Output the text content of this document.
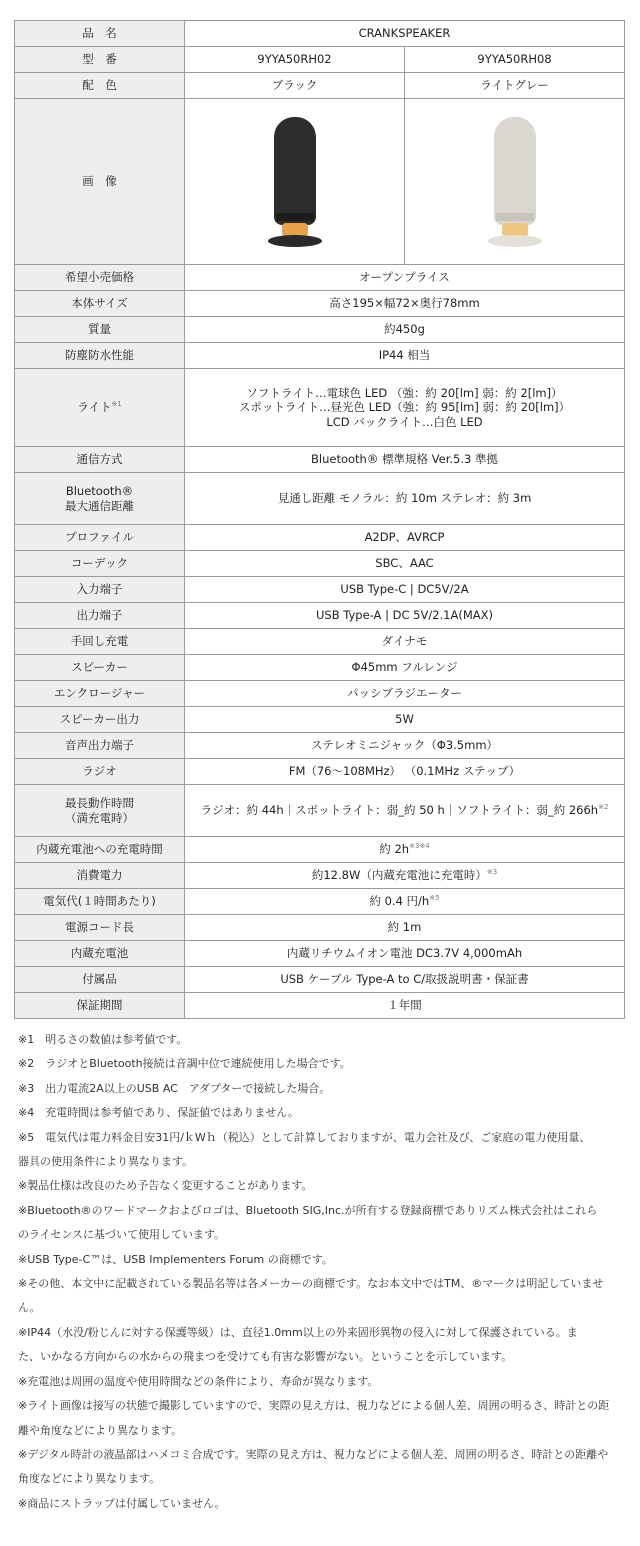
品　名	CRANKSPEAKER	
型　番	9YYA50RH02	9YYA50RH08
配　色	ブラック	ライトグレー
画　像	

希望小売価格	オープンプライス	
本体サイズ	高さ195×幅72×奥行78mm	
質量	約450g	
防塵防水性能	IP44 相当	
ライト$^{※1}$	ソフトライト…電球色 LED （強：約 20[lm] 弱：約 2[lm]）
スポットライト…昼光色 LED（強：約 95[lm] 弱：約 20[lm]）
LCD バックライト…白色 LED	

通信方式	Bluetooth® 標準規格 Ver.5.3 準拠	

Bluetooth®
最大通信距離	見通し距離 モノラル：約 10m ステレオ：約 3m	
プロファイル	A2DP、AVRCP	
コーデック	SBC、AAC	
入力端子	USB Type-C | DC5V/2A	
出力端子	USB Type-A | DC 5V/2.1A(MAX)	
手回し充電	ダイナモ	
スピーカー	Φ45mm フルレンジ	
エンクロージャー	パッシブラジエーター	
スピーカー出力	5W	
音声出力端子	ステレオミニジャック（Φ3.5mm）	
ラジオ	FM（76～108MHz） （0.1MHz ステップ）	

最長動作時間
（満充電時）	ラジオ：約 44h｜スポットライト：弱_約 50 h｜ソフトライト：弱_約 $266h^{※2}$
内蔵充電池への充電時間	約 $2h^{※3※4}$
消費電力	約12.8W（内蔵充電池に充電時）$^{※3}$
電気代(１時間あたり)	約 0.4 円$/h^{※5}$
電源コード長	約 1m	
内蔵充電池	内蔵リチウムイオン電池 DC3.7V 4,000mAh	
付属品	USB ケーブル Type-A to C/取扱説明書・保証書	
保証期間	１年間	
※1　明るさの数値は参考値です。
※2　ラジオとBluetooth接続は音調中位で連続使用した場合です。
※3　出力電流2A以上のUSB AC　アダプターで接続した場合。
※4　充電時間は参考値であり、保証値ではありません。
※5　電気代は電力料金目安31円/ｋWｈ（税込）として計算しておりますが、電力会社及び、ご家庭の電力使用量、
器具の使用条件により異なります。
※製品仕様は改良のため予告なく変更することがあります。
※Bluetooth®のワードマークおよびロゴは、Bluetooth SIG,Inc.が所有する登録商標でありリズム株式会社はこれら
のライセンスに基づいて使用しています。
※USB Type-C™は、USB Implementers Forum の商標です。
※その他、本文中に記載されている製品名等は各メーカーの商標です。なお本文中ではTM、®マークは明記していませ
ん。
※IP44（水没/粉じんに対する保護等級）は、直径1.0mm以上の外来固形異物の侵入に対して保護されている。ま
た、いかなる方向からの水からの飛まつを受けても有害な影響がない。ということを示しています。
※充電池は周囲の温度や使用時間などの条件により、寿命が異なります。
※ライト画像は接写の状態で撮影していますので、実際の見え方は、視力などによる個人差、周囲の明るさ、時計との距
離や角度などにより異なります。
※デジタル時計の液晶部はハメコミ合成です。実際の見え方は、視力などによる個人差、周囲の明るさ、時計との距離や
角度などにより異なります。
※商品にストラップは付属していません。
